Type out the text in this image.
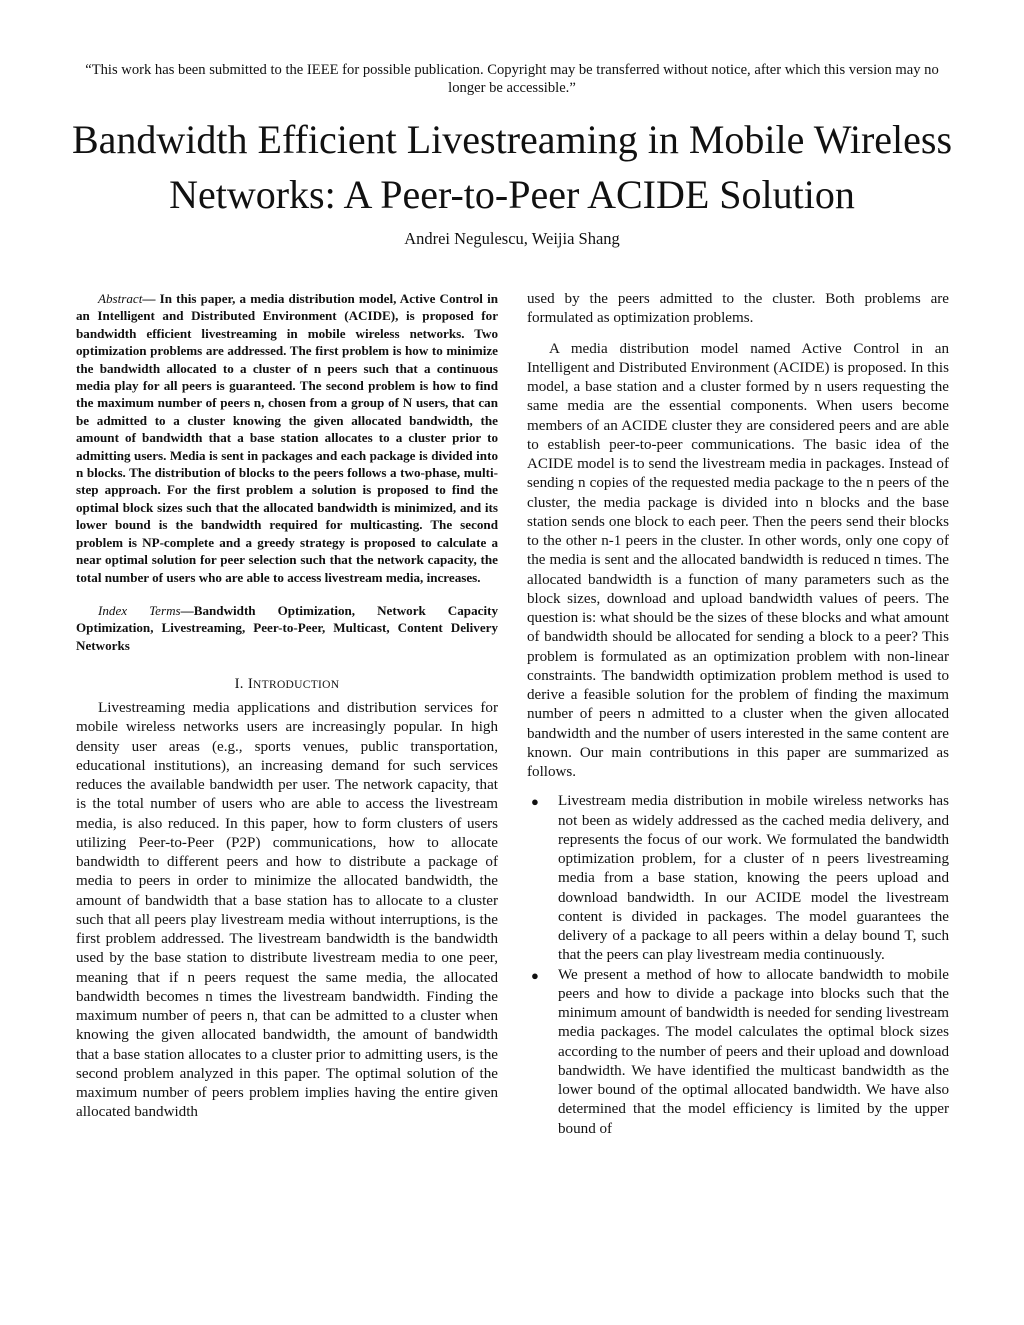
“This work has been submitted to the IEEE for possible publication. Copyright may be transferred without notice, after which this version may no longer be accessible.”
Bandwidth Efficient Livestreaming in Mobile Wireless Networks: A Peer-to-Peer ACIDE Solution
Andrei Negulescu, Weijia Shang

Abstract— In this paper, a media distribution model, Active Control in an Intelligent and Distributed Environment (ACIDE), is proposed for bandwidth efficient livestreaming in mobile wireless networks. Two optimization problems are addressed. The first problem is how to minimize the bandwidth allocated to a cluster of n peers such that a continuous media play for all peers is guaranteed. The second problem is how to find the maximum number of peers n, chosen from a group of N users, that can be admitted to a cluster knowing the given allocated bandwidth, the amount of bandwidth that a base station allocates to a cluster prior to admitting users. Media is sent in packages and each package is divided into n blocks. The distribution of blocks to the peers follows a two-phase, multi-step approach. For the first problem a solution is proposed to find the optimal block sizes such that the allocated bandwidth is minimized, and its lower bound is the bandwidth required for multicasting. The second problem is NP-complete and a greedy strategy is proposed to calculate a near optimal solution for peer selection such that the network capacity, the total number of users who are able to access livestream media, increases.

Index Terms—Bandwidth Optimization, Network Capacity Optimization, Livestreaming, Peer-to-Peer, Multicast, Content Delivery Networks

I. INTRODUCTION

Livestreaming media applications and distribution services for mobile wireless networks users are increasingly popular. In high density user areas (e.g., sports venues, public transportation, educational institutions), an increasing demand for such services reduces the available bandwidth per user. The network capacity, that is the total number of users who are able to access the livestream media, is also reduced. In this paper, how to form clusters of users utilizing Peer-to-Peer (P2P) communications, how to allocate bandwidth to different peers and how to distribute a package of media to peers in order to minimize the allocated bandwidth, the amount of bandwidth that a base station has to allocate to a cluster such that all peers play livestream media without interruptions, is the first problem addressed. The livestream bandwidth is the bandwidth used by the base station to distribute livestream media to one peer, meaning that if n peers request the same media, the allocated bandwidth becomes n times the livestream bandwidth. Finding the maximum number of peers n, that can be admitted to a cluster when knowing the given allocated bandwidth, the amount of bandwidth that a base station allocates to a cluster prior to admitting users, is the second problem analyzed in this paper. The optimal solution of the maximum number of peers problem implies having the entire given allocated bandwidth

used by the peers admitted to the cluster. Both problems are formulated as optimization problems.

A media distribution model named Active Control in an Intelligent and Distributed Environment (ACIDE) is proposed. In this model, a base station and a cluster formed by n users requesting the same media are the essential components. When users become members of an ACIDE cluster they are considered peers and are able to establish peer-to-peer communications. The basic idea of the ACIDE model is to send the livestream media in packages. Instead of sending n copies of the requested media package to the n peers of the cluster, the media package is divided into n blocks and the base station sends one block to each peer. Then the peers send their blocks to the other n-1 peers in the cluster. In other words, only one copy of the media is sent and the allocated bandwidth is reduced n times. The allocated bandwidth is a function of many parameters such as the block sizes, download and upload bandwidth values of peers. The question is: what should be the sizes of these blocks and what amount of bandwidth should be allocated for sending a block to a peer? This problem is formulated as an optimization problem with non-linear constraints. The bandwidth optimization problem method is used to derive a feasible solution for the problem of finding the maximum number of peers n admitted to a cluster when the given allocated bandwidth and the number of users interested in the same content are known. Our main contributions in this paper are summarized as follows.

● Livestream media distribution in mobile wireless networks has not been as widely addressed as the cached media delivery, and represents the focus of our work. We formulated the bandwidth optimization problem, for a cluster of n peers livestreaming media from a base station, knowing the peers upload and download bandwidth. In our ACIDE model the livestream content is divided in packages. The model guarantees the delivery of a package to all peers within a delay bound T, such that the peers can play livestream media continuously.
● We present a method of how to allocate bandwidth to mobile peers and how to divide a package into blocks such that the minimum amount of bandwidth is needed for sending livestream media packages. The model calculates the optimal block sizes according to the number of peers and their upload and download bandwidth. We have identified the multicast bandwidth as the lower bound of the optimal allocated bandwidth. We have also determined that the model efficiency is limited by the upper bound of
